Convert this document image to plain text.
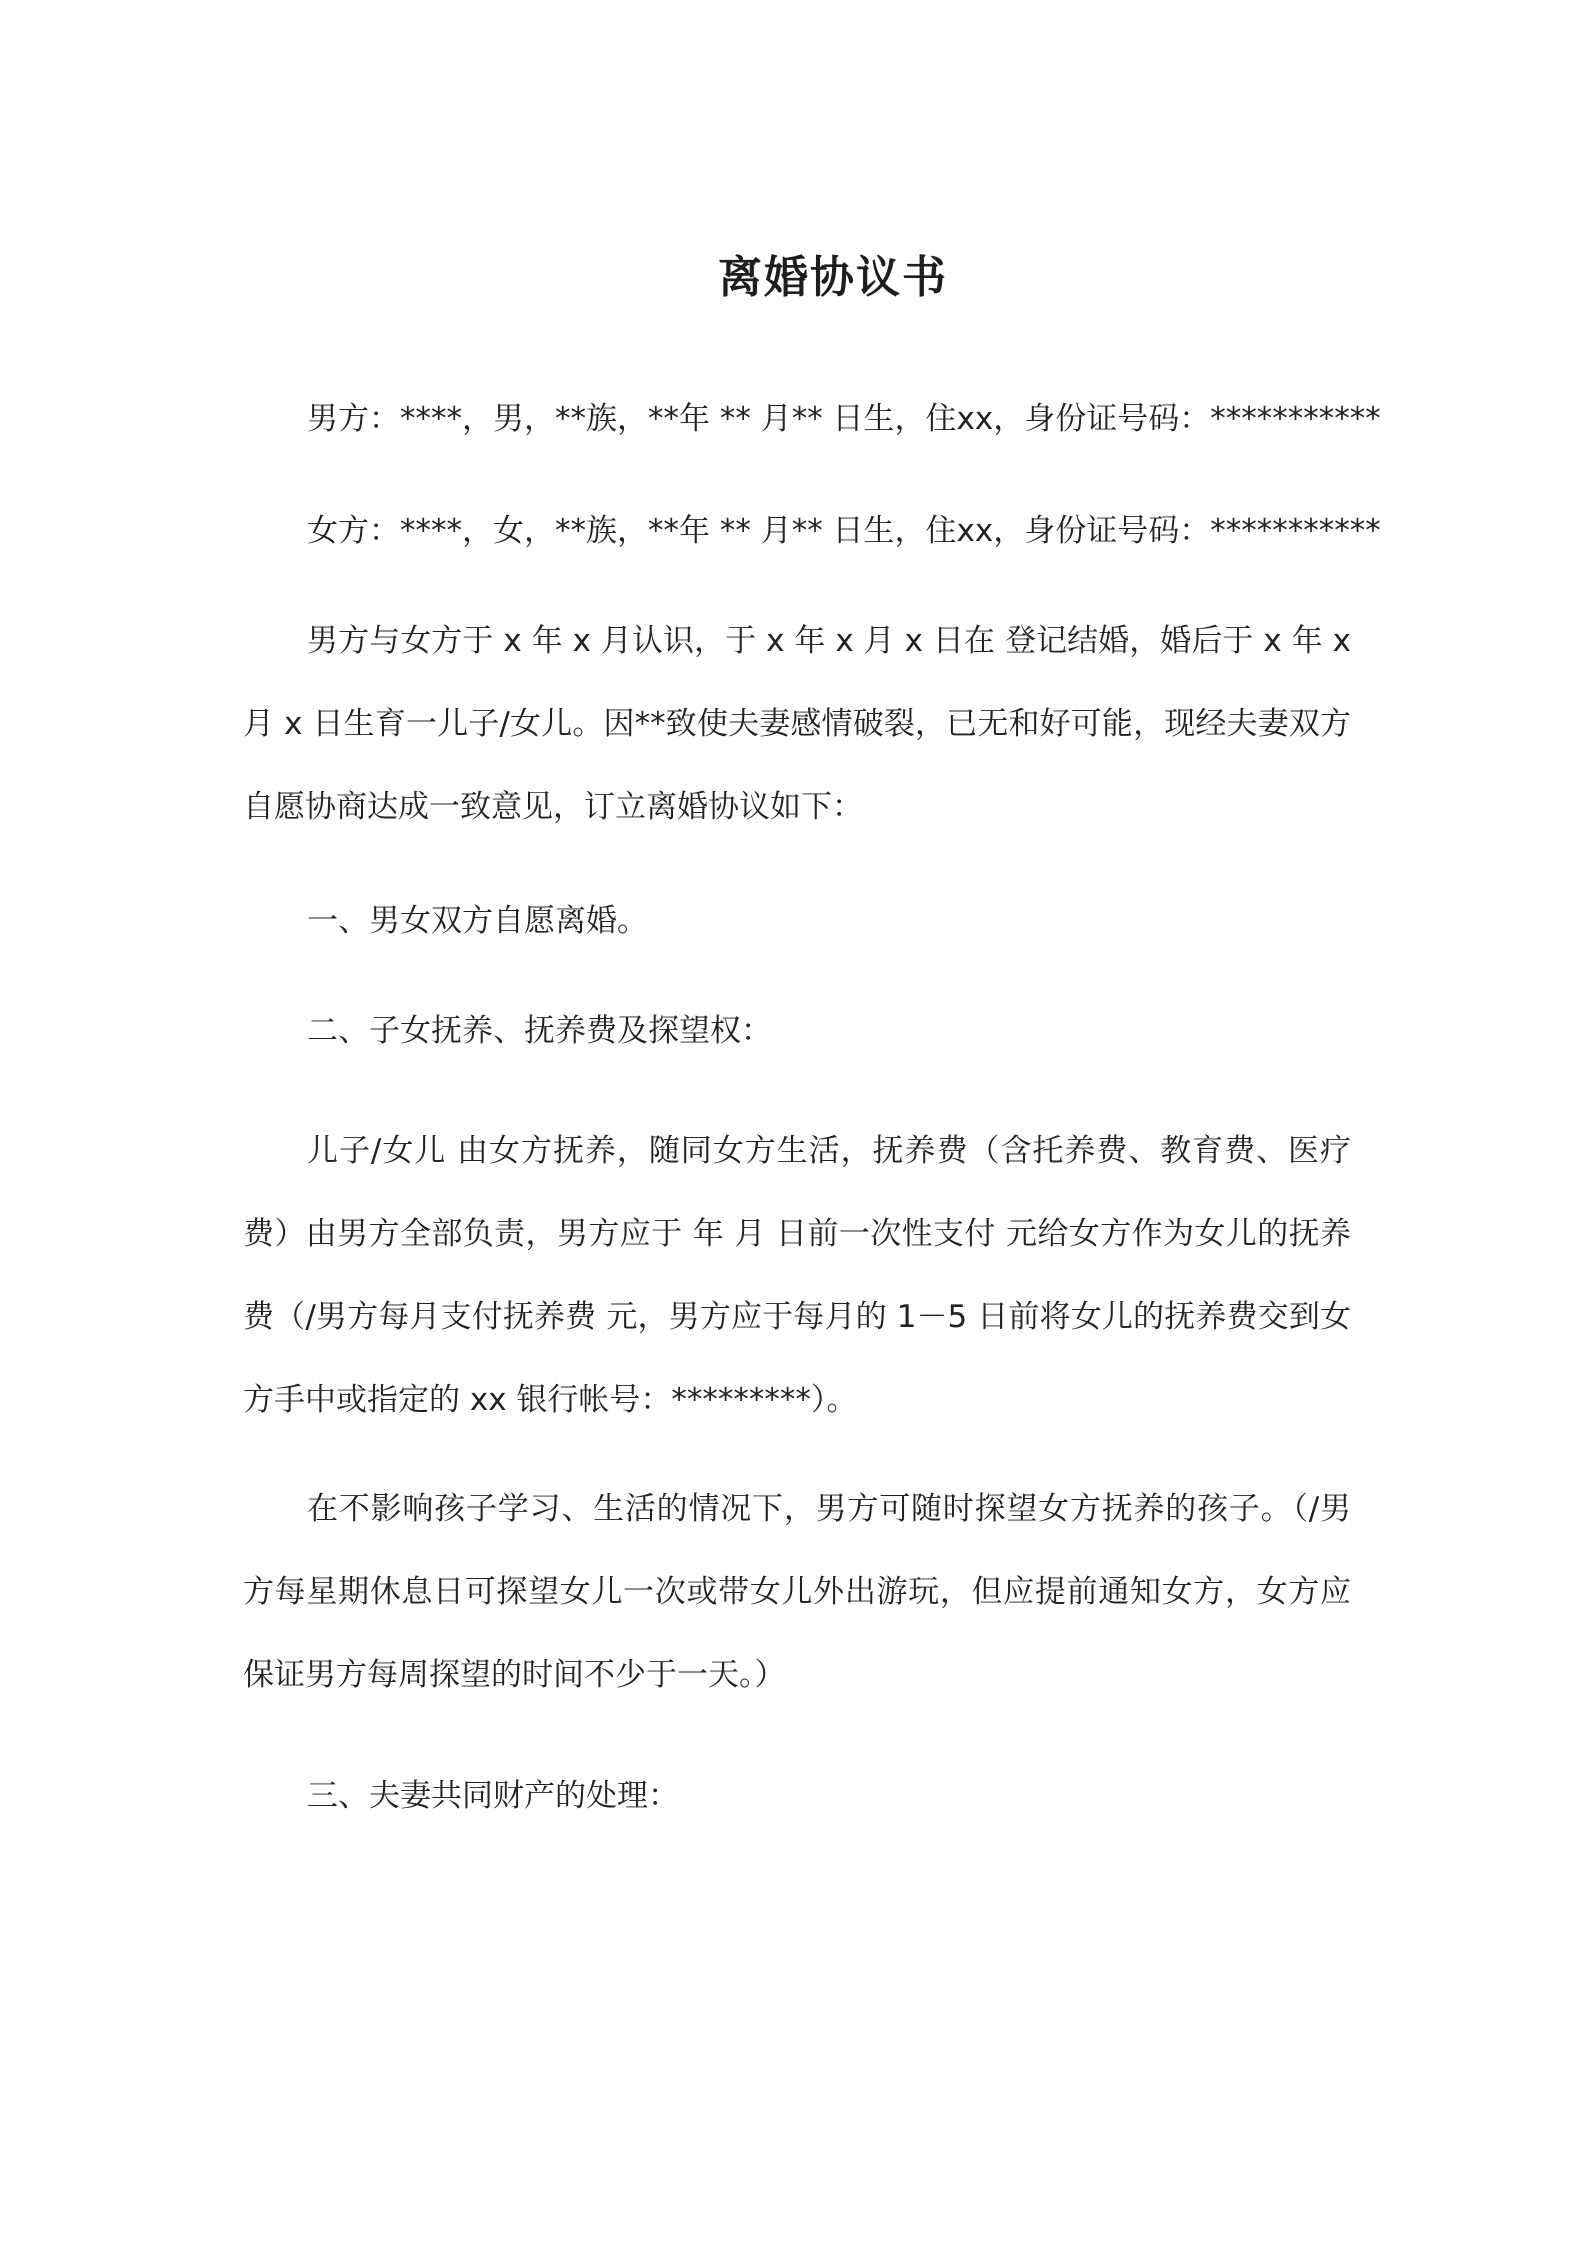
离婚协议书

男方：****，男，**族，**年 ** 月** 日生，住xx，身份证号码：***********

女方：****，女，**族，**年 ** 月** 日生，住xx，身份证号码：***********

男方与女方于 x 年 x 月认识，于 x 年 x 月 x 日在 登记结婚，婚后于 x 年 x 月 x 日生育一儿子/女儿。因**致使夫妻感情破裂，已无和好可能，现经夫妻双方自愿协商达成一致意见，订立离婚协议如下：

一、男女双方自愿离婚。

二、子女抚养、抚养费及探望权：

儿子/女儿 由女方抚养，随同女方生活，抚养费（含托养费、教育费、医疗费）由男方全部负责，男方应于 年 月 日前一次性支付 元给女方作为女儿的抚养费（/男方每月支付抚养费 元，男方应于每月的 1－5 日前将女儿的抚养费交到女方手中或指定的 xx 银行帐号：*********）。

在不影响孩子学习、生活的情况下，男方可随时探望女方抚养的孩子。（/男方每星期休息日可探望女儿一次或带女儿外出游玩，但应提前通知女方，女方应保证男方每周探望的时间不少于一天。）

三、夫妻共同财产的处理：
